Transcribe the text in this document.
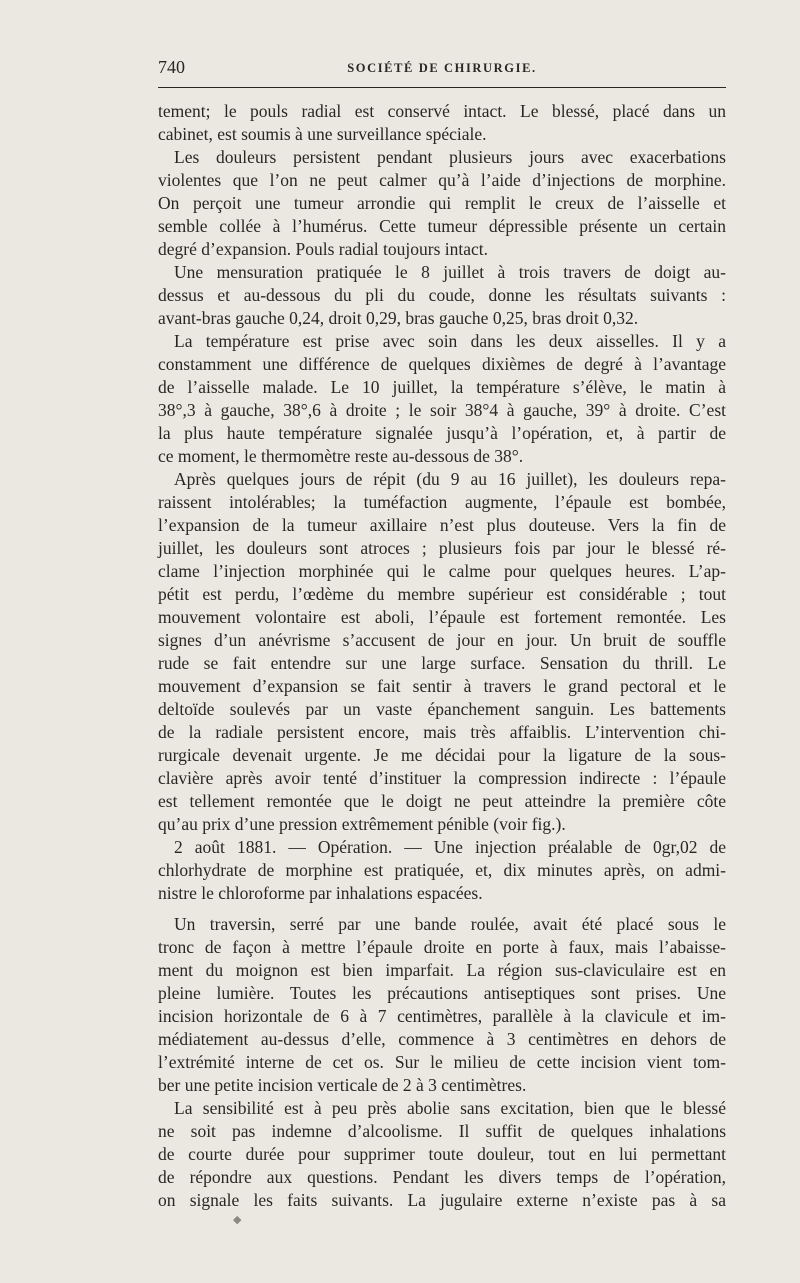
740	SOCIÉTÉ DE CHIRURGIE.
tement; le pouls radial est conservé intact. Le blessé, placé dans un
cabinet, est soumis à une surveillance spéciale.
Les douleurs persistent pendant plusieurs jours avec exacerbations
violentes que l’on ne peut calmer qu’à l’aide d’injections de morphine.
On perçoit une tumeur arrondie qui remplit le creux de l’aisselle et
semble collée à l’humérus. Cette tumeur dépressible présente un certain
degré d’expansion. Pouls radial toujours intact.
Une mensuration pratiquée le 8 juillet à trois travers de doigt au-
dessus et au-dessous du pli du coude, donne les résultats suivants :
avant-bras gauche 0,24, droit 0,29, bras gauche 0,25, bras droit 0,32.
La température est prise avec soin dans les deux aisselles. Il y a
constamment une différence de quelques dixièmes de degré à l’avantage
de l’aisselle malade. Le 10 juillet, la température s’élève, le matin à
38°,3 à gauche, 38°,6 à droite ; le soir 38°4 à gauche, 39° à droite. C’est
la plus haute température signalée jusqu’à l’opération, et, à partir de
ce moment, le thermomètre reste au-dessous de 38°.
Après quelques jours de répit (du 9 au 16 juillet), les douleurs repa-
raissent intolérables; la tuméfaction augmente, l’épaule est bombée,
l’expansion de la tumeur axillaire n’est plus douteuse. Vers la fin de
juillet, les douleurs sont atroces ; plusieurs fois par jour le blessé ré-
clame l’injection morphinée qui le calme pour quelques heures. L’ap-
pétit est perdu, l’œdème du membre supérieur est considérable ; tout
mouvement volontaire est aboli, l’épaule est fortement remontée. Les
signes d’un anévrisme s’accusent de jour en jour. Un bruit de souffle
rude se fait entendre sur une large surface. Sensation du thrill. Le
mouvement d’expansion se fait sentir à travers le grand pectoral et le
deltoïde soulevés par un vaste épanchement sanguin. Les battements
de la radiale persistent encore, mais très affaiblis. L’intervention chi-
rurgicale devenait urgente. Je me décidai pour la ligature de la sous-
clavière après avoir tenté d’instituer la compression indirecte : l’épaule
est tellement remontée que le doigt ne peut atteindre la première côte
qu’au prix d’une pression extrêmement pénible (voir fig.).
2 août 1881. — Opération. — Une injection préalable de 0gr,02 de
chlorhydrate de morphine est pratiquée, et, dix minutes après, on admi-
nistre le chloroforme par inhalations espacées.
Un traversin, serré par une bande roulée, avait été placé sous le
tronc de façon à mettre l’épaule droite en porte à faux, mais l’abaisse-
ment du moignon est bien imparfait. La région sus-claviculaire est en
pleine lumière. Toutes les précautions antiseptiques sont prises. Une
incision horizontale de 6 à 7 centimètres, parallèle à la clavicule et im-
médiatement au-dessus d’elle, commence à 3 centimètres en dehors de
l’extrémité interne de cet os. Sur le milieu de cette incision vient tom-
ber une petite incision verticale de 2 à 3 centimètres.
La sensibilité est à peu près abolie sans excitation, bien que le blessé
ne soit pas indemne d’alcoolisme. Il suffit de quelques inhalations
de courte durée pour supprimer toute douleur, tout en lui permettant
de répondre aux questions. Pendant les divers temps de l’opération,
on signale les faits suivants. La jugulaire externe n’existe pas à sa
◆
